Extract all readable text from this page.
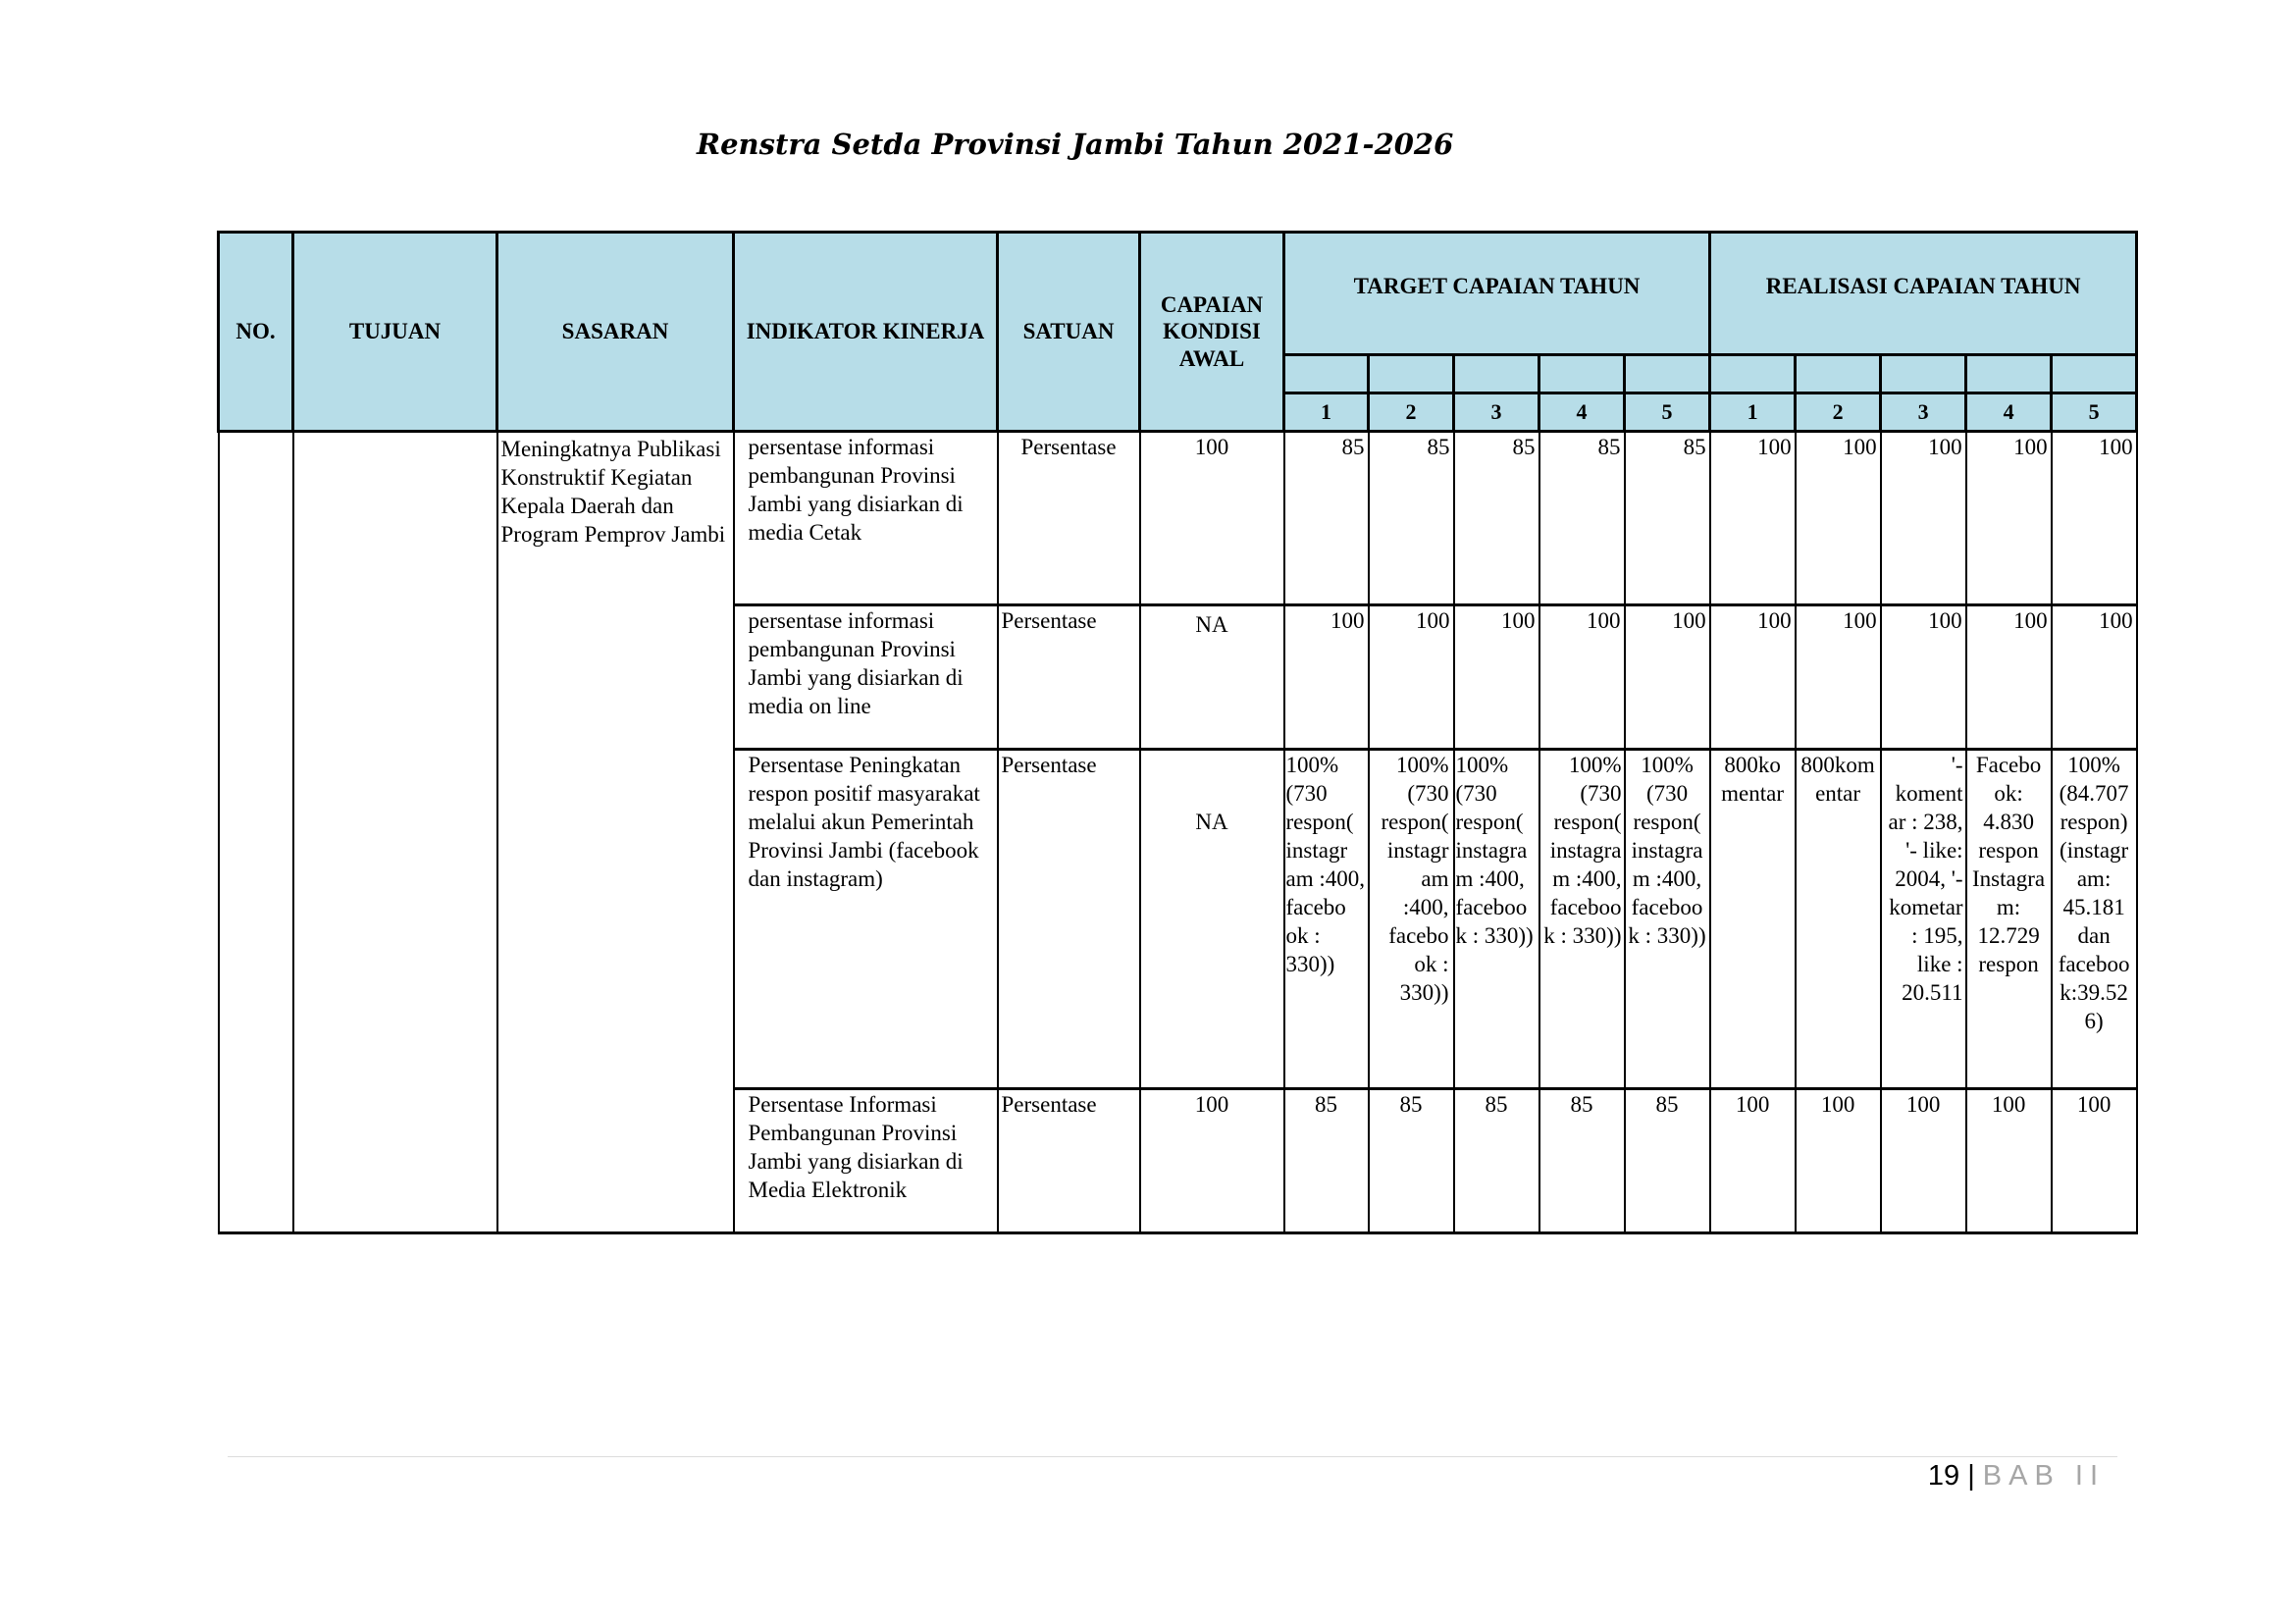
Renstra Setda Provinsi Jambi Tahun 2021-2026
NO.	TUJUAN	SASARAN	INDIKATOR KINERJA	SATUAN	CAPAIAN KONDISI AWAL	TARGET CAPAIAN TAHUN					REALISASI CAPAIAN TAHUN				

						1	2	3	4	5	1	2	3	4	5
		Meningkatnya Publikasi Konstruktif Kegiatan Kepala Daerah dan Program Pemprov Jambi	persentase informasi pembangunan Provinsi Jambi yang disiarkan di media Cetak	Persentase	100	85	85	85	85	85	100	100	100	100	100
			persentase informasi pembangunan Provinsi Jambi yang disiarkan di media on line	Persentase	NA	100	100	100	100	100	100	100	100	100	100
			Persentase Peningkatan respon positif masyarakat melalui akun Pemerintah Provinsi Jambi (facebook dan instagram)	Persentase	NA	100% (730 respon( instagr am :400, facebo ok : 330))	100% (730 respon( instagr am :400, facebo ok : 330))	100% (730 respon( instagra m :400, faceboo k : 330))	100% (730 respon( instagra m :400, faceboo k : 330))	100% (730 respon( instagra m :400, faceboo k : 330))	800ko mentar	800kom entar	'- koment ar : 238, '- like: 2004, '- kometar : 195, like : 20.511	Facebo ok: 4.830 respon Instagra m: 12.729 respon	100% (84.707 respon) (instagr am: 45.181 dan faceboo k:39.52 6)
			Persentase Informasi Pembangunan Provinsi Jambi yang disiarkan di Media Elektronik	Persentase	100	85	85	85	85	85	100	100	100	100	100
19 | BAB II
